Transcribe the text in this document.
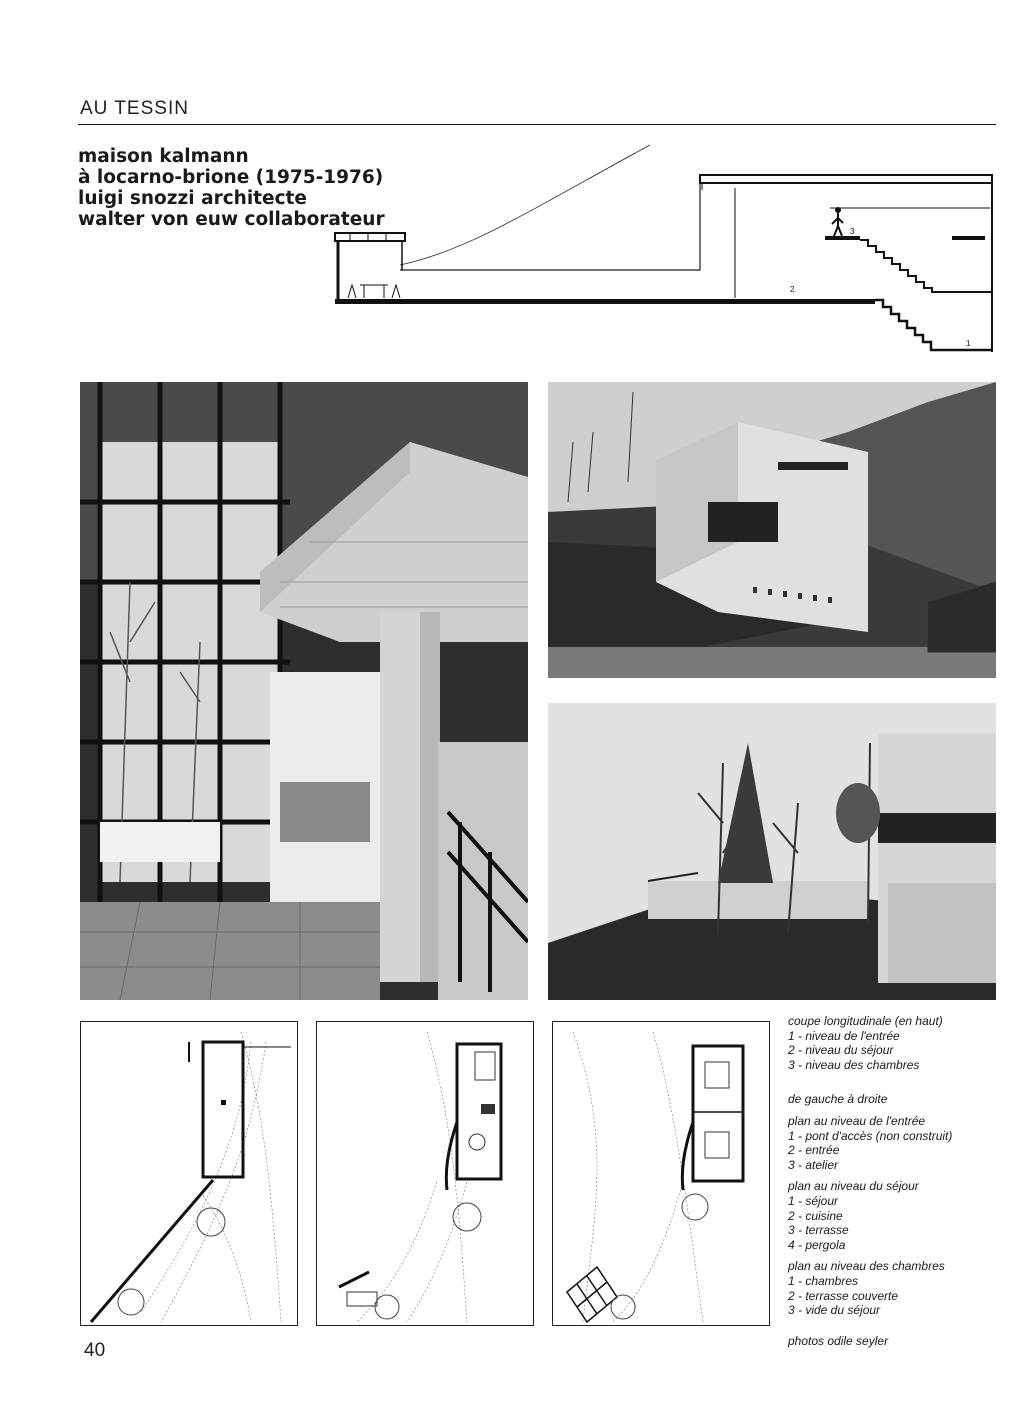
AU TESSIN
maison kalmann
à locarno-brione (1975-1976)
luigi snozzi architecte
walter von euw collaborateur
3
2
1
coupe longitudinale (en haut)
1 - niveau de l'entrée
2 - niveau du séjour
3 - niveau des chambres
de gauche à droite
plan au niveau de l'entrée
1 - pont d'accès (non construit)
2 - entrée
3 - atelier
plan au niveau du séjour
1 - séjour
2 - cuisine
3 - terrasse
4 - pergola
plan au niveau des chambres
1 - chambres
2 - terrasse couverte
3 - vide du séjour
photos odile seyler
40
